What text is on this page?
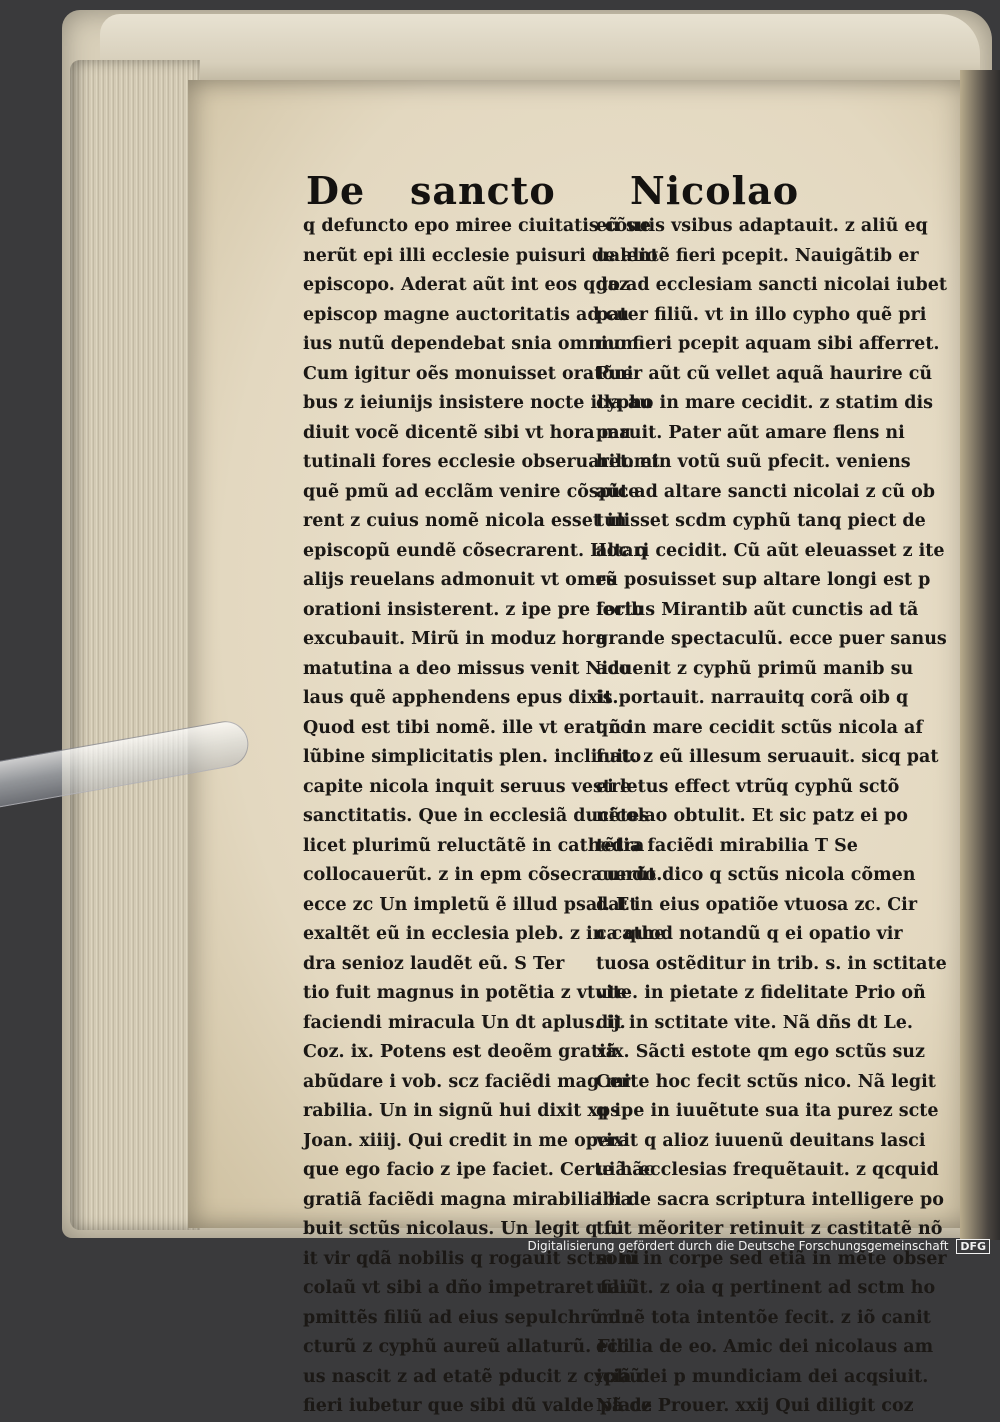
De sancto Nicolao
q defuncto epo mireе ciuitatis cõue
nerũt epi illi ecclesie puisuri de alio
episcopo. Aderat aũt int eos qdaz
episcop magne auctoritatis ad cu
ius nutũ dependebat snia omnium
Cum igitur oẽs monuisset oratõni
bus z ieiunijs insistere nocte illa au
diuit vocẽ dicentẽ sibi vt hora ma
tutinali fores ecclesie obseruaret. et
quẽ pmũ ad ecclãm venire cõspice
rent z cuius nomẽ nicola esset in
episcopũ eundẽ cõsecrarent. Hoc q
alijs reuelans admonuit vt omes
orationi insisterent. z ipe pre forib
excubauit. Mirũ in moduz hora
matutina a deo missus venit Nico
laus quẽ apphendens epus dixit.
Quod est tibi nomẽ. ille vt erat co
lũbine simplicitatis plen. inclinato
capite nicola inquit seruus vestre
sanctitatis. Que in ecclesiã ducẽtes
licet plurimũ reluctãtẽ in cathedra
collocauerũt. z in epm cõsecrauerũt.
ecce zc Un impletũ ẽ illud psal. Et
exaltẽt eũ in ecclesia pleb. z in cathe
dra senioz laudẽt eũ. S Ter
tio fuit magnus in potẽtia z vtute
faciendi miracula Un dt aplus. ij.
Coz. ix. Potens est deoẽm gratiã
abũdare i vob. scz faciẽdi mag mi
rabilia. Un in signũ hui dixit xps
Joan. xiiij. Qui credit in me opera
que ego facio z ipe faciet. Certe hãc
gratiã faciẽdi magna mirabilia ha
buit sctũs nicolaus. Un legit q fu
it vir qdã nobilis q rogauit sctm ni
colaũ vt sibi a dño impetraret filiũ
pmittẽs filiũ ad eius sepulchrũ du
cturũ z cyphũ aureũ allaturũ. Fili
us nascit z ad etatẽ pducit z cyphũ
fieri iubetur que sibi dũ valde place
eũ suis vsibus adaptauit. z aliũ eq
ualentẽ fieri pcepit. Nauigãtib er
go ad ecclesiam sancti nicolai iubet
pater filiũ. vt in illo cypho quẽ pri
mo fieri pcepit aquam sibi afferret.
Puer aũt cũ vellet aquã haurire cũ
cypho in mare cecidit. z statim dis
paruit. Pater aũt amare flens ni
hilomin votũ suũ pfecit. veniens
aũt ad altare sancti nicolai z cũ ob
tulisset scdm cyphũ tanq piect de
altari cecidit. Cũ aũt eleuasset z ite
rũ posuisset sup altare longi est p
iectus Mirantib aũt cunctis ad tã
grande spectaculũ. ecce puer sanus
aduenit z cyphũ primũ manib su
is portauit. narrauitq corã oib q
qñ in mare cecidit sctũs nicola af
fuit. z eũ illesum seruauit. sicq pat
ei letus effect vtrũq cyphũ sctõ
nicolao obtulit. Et sic patz ei po
tẽtia faciẽdi mirabilia T Se
cundo dico q sctũs nicola cõmen
dat in eius opatiõe vtuosa zc. Cir
ca quod notandũ q ei opatio vir
tuosa ostẽditur in trib. s. in sctitate
vite. in pietate z fidelitate Prio oñ
dit in sctitate vite. Nã dñs dt Le.
xix. Sãcti estote qm ego sctũs suz
Certe hoc fecit sctũs nico. Nã legit
q ipe in iuuẽtute sua ita purez scte
vixit q alioz iuuenũ deuitans lasci
uiã. ecclesias frequẽtauit. z qcquid
ibi de sacra scriptura intelligere po
tuit mẽoriter retinuit z castitatẽ nõ
solũ in corpe sed etiã in mẽte obser
uauit. z oia q pertinent ad sctm ho
minẽ tota intentõe fecit. z iõ canit
ecclia de eo. Amic dei nicolaus am
iciã dei p mundiciam dei acqsiuit.
Nã dz Prouer. xxij Qui diligit coz
Digitalisierung gefördert durch die Deutsche Forschungsgemeinschaft DFG
